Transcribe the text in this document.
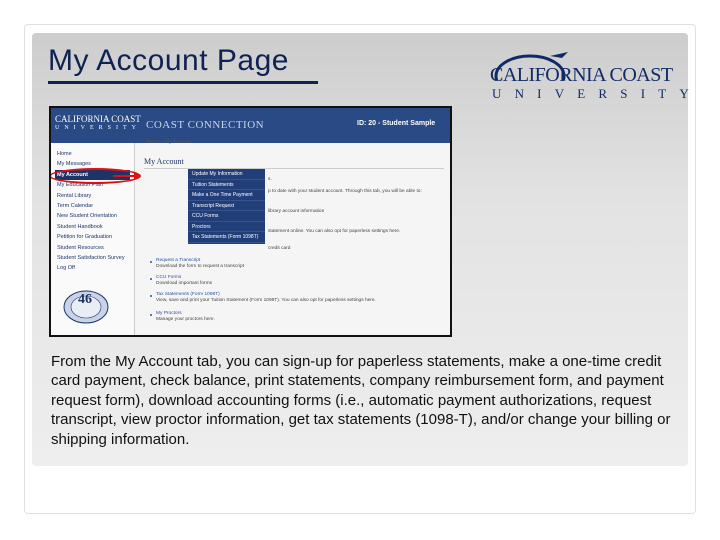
My Account Page	CALIFORNIA COAST
UNIVERSITY
CALIFORNIA COAST
UNIVERSITY COAST CONNECTION	ID: 20 - Student Sample
Home » My Account
Home
My Messages
My Account
My Education Plan
Rental Library
Term Calendar
New Student Orientation
Student Handbook
Petition for Graduation
Student Resources
Student Satisfaction Survey
Log Off
46
My Account
s.
p to date with your student account. Through this tab, you will be able to:
library account information
statement online. You can also opt for paperless settings here.
credit card
Request a Transcript
Download the form to request a transcript
CCU Forms
Download important forms
Tax Statements (Form 1098T)
View, save and print your Tuition Statement (Form 1098T). You can also opt for paperless settings here.
My Proctors
Manage your proctors here.
Update My Information
Tuition Statements
Make a One Time Payment
Transcript Request
CCU Forms
Proctors
Tax Statements (Form 1098T)
From the My Account tab, you can sign-up for paperless statements, make a one-time credit card payment, check balance, print statements, company reimbursement form, and payment request form), download accounting forms (i.e., automatic payment authorizations, request transcript, view proctor information, get tax statements (1098-T), and/or change your billing or shipping information.
